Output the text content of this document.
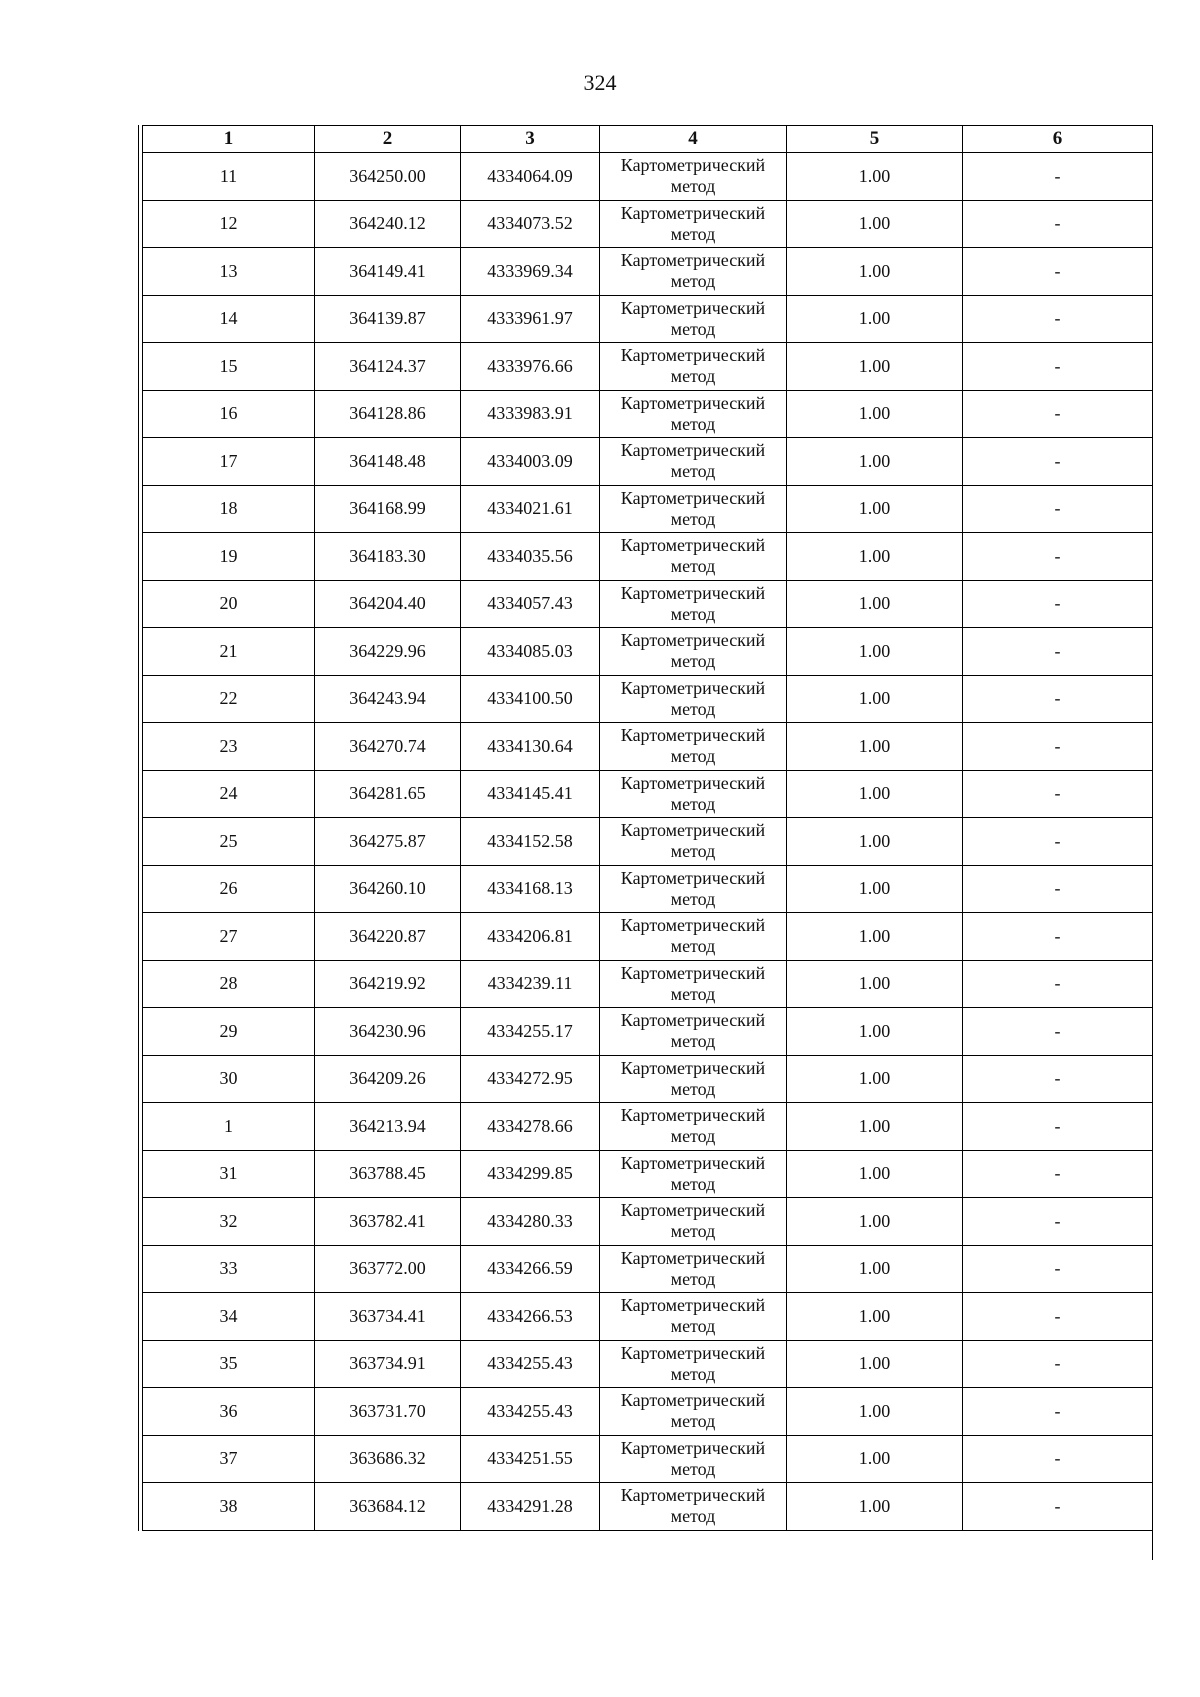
324
1	2	3	4	5	6
11	364250.00	4334064.09	Картометрический метод	1.00	-
12	364240.12	4334073.52	Картометрический метод	1.00	-
13	364149.41	4333969.34	Картометрический метод	1.00	-
14	364139.87	4333961.97	Картометрический метод	1.00	-
15	364124.37	4333976.66	Картометрический метод	1.00	-
16	364128.86	4333983.91	Картометрический метод	1.00	-
17	364148.48	4334003.09	Картометрический метод	1.00	-
18	364168.99	4334021.61	Картометрический метод	1.00	-
19	364183.30	4334035.56	Картометрический метод	1.00	-
20	364204.40	4334057.43	Картометрический метод	1.00	-
21	364229.96	4334085.03	Картометрический метод	1.00	-
22	364243.94	4334100.50	Картометрический метод	1.00	-
23	364270.74	4334130.64	Картометрический метод	1.00	-
24	364281.65	4334145.41	Картометрический метод	1.00	-
25	364275.87	4334152.58	Картометрический метод	1.00	-
26	364260.10	4334168.13	Картометрический метод	1.00	-
27	364220.87	4334206.81	Картометрический метод	1.00	-
28	364219.92	4334239.11	Картометрический метод	1.00	-
29	364230.96	4334255.17	Картометрический метод	1.00	-
30	364209.26	4334272.95	Картометрический метод	1.00	-
1	364213.94	4334278.66	Картометрический метод	1.00	-
31	363788.45	4334299.85	Картометрический метод	1.00	-
32	363782.41	4334280.33	Картометрический метод	1.00	-
33	363772.00	4334266.59	Картометрический метод	1.00	-
34	363734.41	4334266.53	Картометрический метод	1.00	-
35	363734.91	4334255.43	Картометрический метод	1.00	-
36	363731.70	4334255.43	Картометрический метод	1.00	-
37	363686.32	4334251.55	Картометрический метод	1.00	-
38	363684.12	4334291.28	Картометрический метод	1.00	-
